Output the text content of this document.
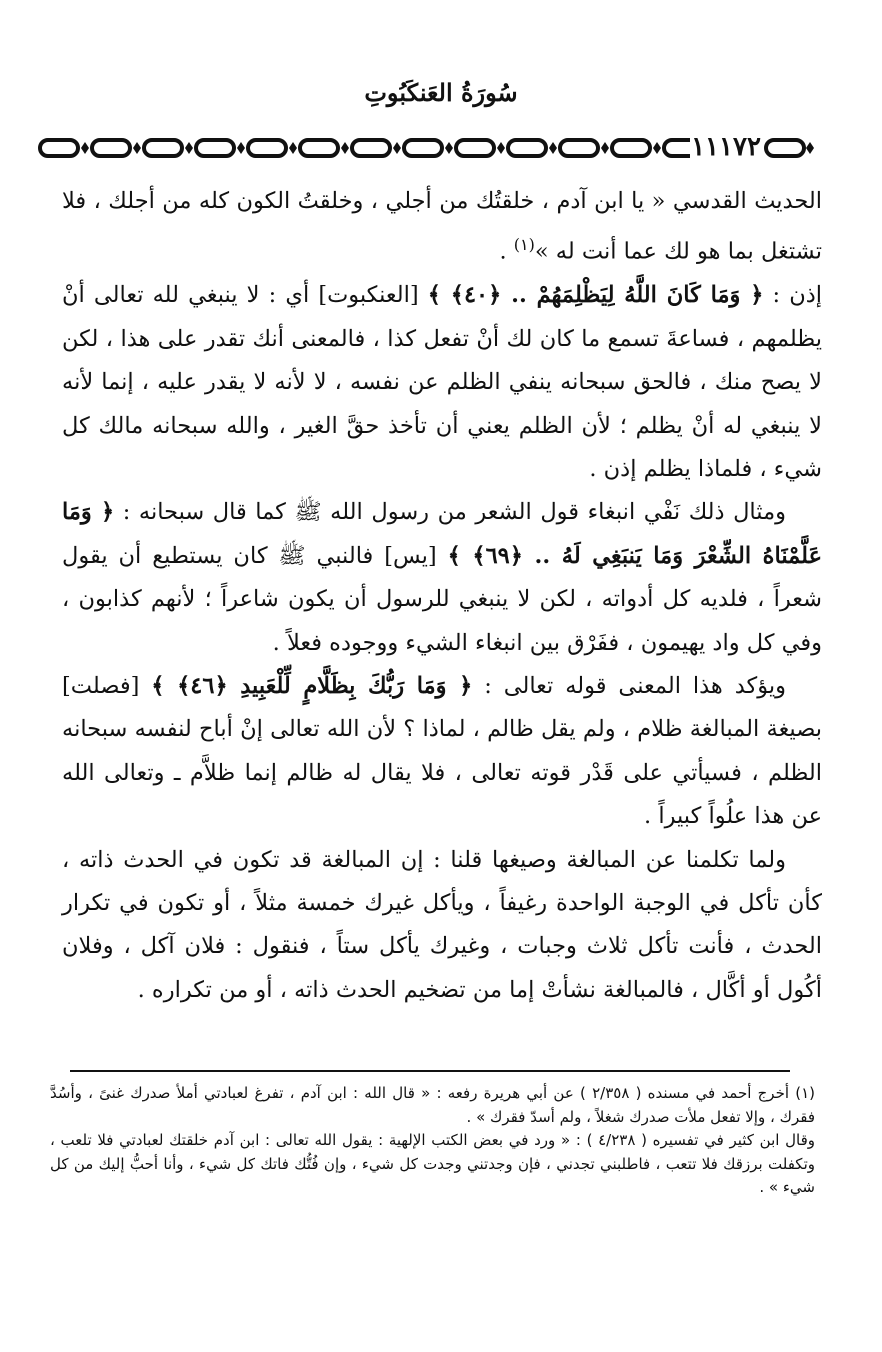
سُورَةُ العَنكَبُوتِ
١١١٧٢

الحديث القدسي « يا ابن آدم ، خلقتُك من أجلي ، وخلقتُ الكون كله من أجلك ، فلا تشتغل بما هو لك عما أنت له »$^{(١)}$ .

إذن : ﴿ وَمَا كَانَ اللَّهُ لِيَظْلِمَهُمْ .. ﴿٤٠﴾ ﴾ [العنكبوت] أي : لا ينبغي لله تعالى أنْ يظلمهم ، فساعةَ تسمع ما كان لك أنْ تفعل كذا ، فالمعنى أنك تقدر على هذا ، لكن لا يصح منك ، فالحق سبحانه ينفي الظلم عن نفسه ، لا لأنه لا يقدر عليه ، إنما لأنه لا ينبغي له أنْ يظلم ؛ لأن الظلم يعني أن تأخذ حقَّ الغير ، والله سبحانه مالك كل شيء ، فلماذا يظلم إذن .

ومثال ذلك نَفْي انبغاء قول الشعر من رسول الله ﷺ كما قال سبحانه : ﴿ وَمَا عَلَّمْنَاهُ الشِّعْرَ وَمَا يَنبَغِي لَهُ .. ﴿٦٩﴾ ﴾ [يس] فالنبي ﷺ كان يستطيع أن يقول شعراً ، فلديه كل أدواته ، لكن لا ينبغي للرسول أن يكون شاعراً ؛ لأنهم كذابون ، وفي كل واد يهيمون ، ففَرْق بين انبغاء الشيء ووجوده فعلاً .

ويؤكد هذا المعنى قوله تعالى : ﴿ وَمَا رَبُّكَ بِظَلَّامٍ لِّلْعَبِيدِ ﴿٤٦﴾ ﴾ [فصلت] بصيغة المبالغة ظلام ، ولم يقل ظالم ، لماذا ؟ لأن الله تعالى إنْ أباح لنفسه سبحانه الظلم ، فسيأتي على قَدْر قوته تعالى ، فلا يقال له ظالم إنما ظلاَّم ـ وتعالى الله عن هذا علُواً كبيراً .

ولما تكلمنا عن المبالغة وصيغها قلنا : إن المبالغة قد تكون في الحدث ذاته ، كأن تأكل في الوجبة الواحدة رغيفاً ، ويأكل غيرك خمسة مثلاً ، أو تكون في تكرار الحدث ، فأنت تأكل ثلاث وجبات ، وغيرك يأكل ستاً ، فنقول : فلان آكل ، وفلان أكُول أو أكَّال ، فالمبالغة نشأتْ إما من تضخيم الحدث ذاته ، أو من تكراره .

(١) أخرج أحمد في مسنده ( ٢/٣٥٨ ) عن أبي هريرة رفعه : « قال الله : ابن آدم ، تفرغ لعبادتي أملأ صدرك غنىً ، وأسُدَّ فقرك ، وإلا تفعل ملأت صدرك شغلاً ، ولم أسدّ فقرك » .

وقال ابن كثير في تفسيره ( ٤/٢٣٨ ) : « ورد في بعض الكتب الإلهية : يقول الله تعالى : ابن آدم خلقتك لعبادتي فلا تلعب ، وتكفلت برزقك فلا تتعب ، فاطلبني تجدني ، فإن وجدتني وجدت كل شيء ، وإن فُتُّك فاتك كل شيء ، وأنا أحبُّ إليك من كل شيء » .
